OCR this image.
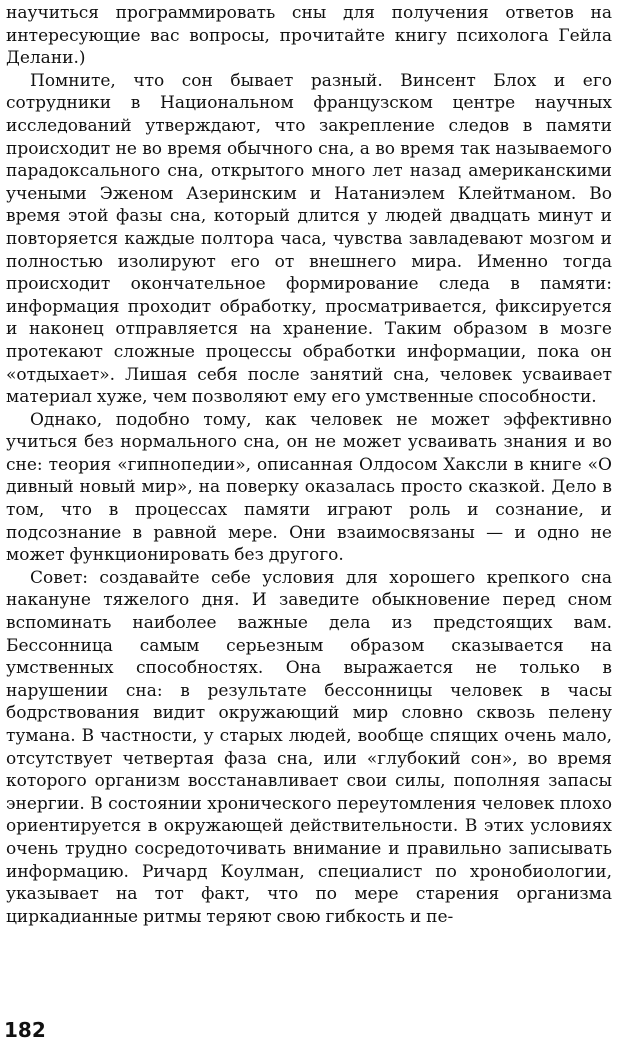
научиться программировать сны для получения ответов на интересующие вас вопросы, прочитайте книгу психолога Гейла Делани.)

Помните, что сон бывает разный. Винсент Блох и его сотрудники в Национальном французском центре научных исследований утверждают, что закрепление следов в памяти происходит не во время обычного сна, а во время так называемого парадоксального сна, открытого много лет назад американскими учеными Эженом Азеринским и Натаниэлем Клейтманом. Во время этой фазы сна, который длится у людей двадцать минут и повторяется каждые полтора часа, чувства завладевают мозгом и полностью изолируют его от внешнего мира. Именно тогда происходит окончательное формирование следа в памяти: информация проходит обработку, просматривается, фиксируется и наконец отправляется на хранение. Таким образом в мозге протекают сложные процессы обработки информации, пока он «отдыхает». Лишая себя после занятий сна, человек усваивает материал хуже, чем позволяют ему его умственные способности.

Однако, подобно тому, как человек не может эффективно учиться без нормального сна, он не может усваивать знания и во сне: теория «гипнопедии», описанная Олдосом Хаксли в книге «О дивный новый мир», на поверку оказалась просто сказкой. Дело в том, что в процессах памяти играют роль и сознание, и подсознание в равной мере. Они взаимосвязаны — и одно не может функционировать без другого.

Совет: создавайте себе условия для хорошего крепкого сна накануне тяжелого дня. И заведите обыкновение перед сном вспоминать наиболее важные дела из предстоящих вам. Бессонница самым серьезным образом сказывается на умственных способностях. Она выражается не только в нарушении сна: в результате бессонницы человек в часы бодрствования видит окружающий мир словно сквозь пелену тумана. В частности, у старых людей, вообще спящих очень мало, отсутствует четвертая фаза сна, или «глубокий сон», во время которого организм восстанавливает свои силы, пополняя запасы энергии. В состоянии хронического переутомления человек плохо ориентируется в окружающей действительности. В этих условиях очень трудно сосредоточивать внимание и правильно записывать информацию. Ричард Коулман, специалист по хронобиологии, указывает на тот факт, что по мере старения организма циркадианные ритмы теряют свою гибкость и пе-

182
